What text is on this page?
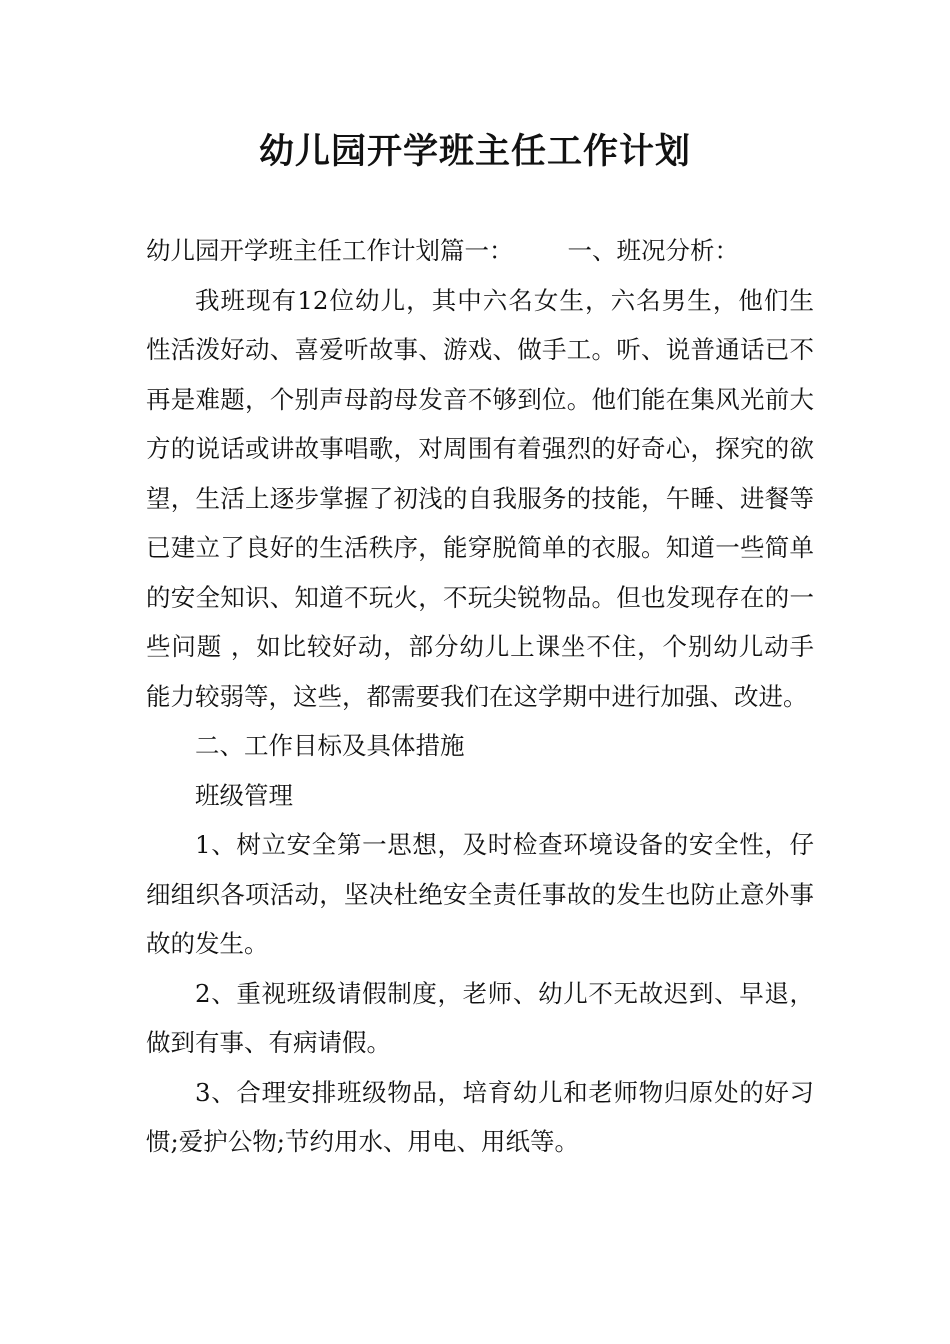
幼儿园开学班主任工作计划

幼儿园开学班主任工作计划篇一： 一、班况分析：

我班现有12位幼儿，其中六名女生，六名男生，他们生性活泼好动、喜爱听故事、游戏、做手工。听、说普通话已不再是难题，个别声母韵母发音不够到位。他们能在集风光前大方的说话或讲故事唱歌，对周围有着强烈的好奇心，探究的欲望，生活上逐步掌握了初浅的自我服务的技能，午睡、进餐等已建立了良好的生活秩序，能穿脱简单的衣服。知道一些简单的安全知识、知道不玩火，不玩尖锐物品。但也发现存在的一些问题 ，如比较好动，部分幼儿上课坐不住，个别幼儿动手能力较弱等，这些，都需要我们在这学期中进行加强、改进。

二、工作目标及具体措施

班级管理

1、树立安全第一思想，及时检查环境设备的安全性，仔细组织各项活动，坚决杜绝安全责任事故的发生也防止意外事故的发生。

2、重视班级请假制度，老师、幼儿不无故迟到、早退，做到有事、有病请假。

3、合理安排班级物品，培育幼儿和老师物归原处的好习惯;爱护公物;节约用水、用电、用纸等。
